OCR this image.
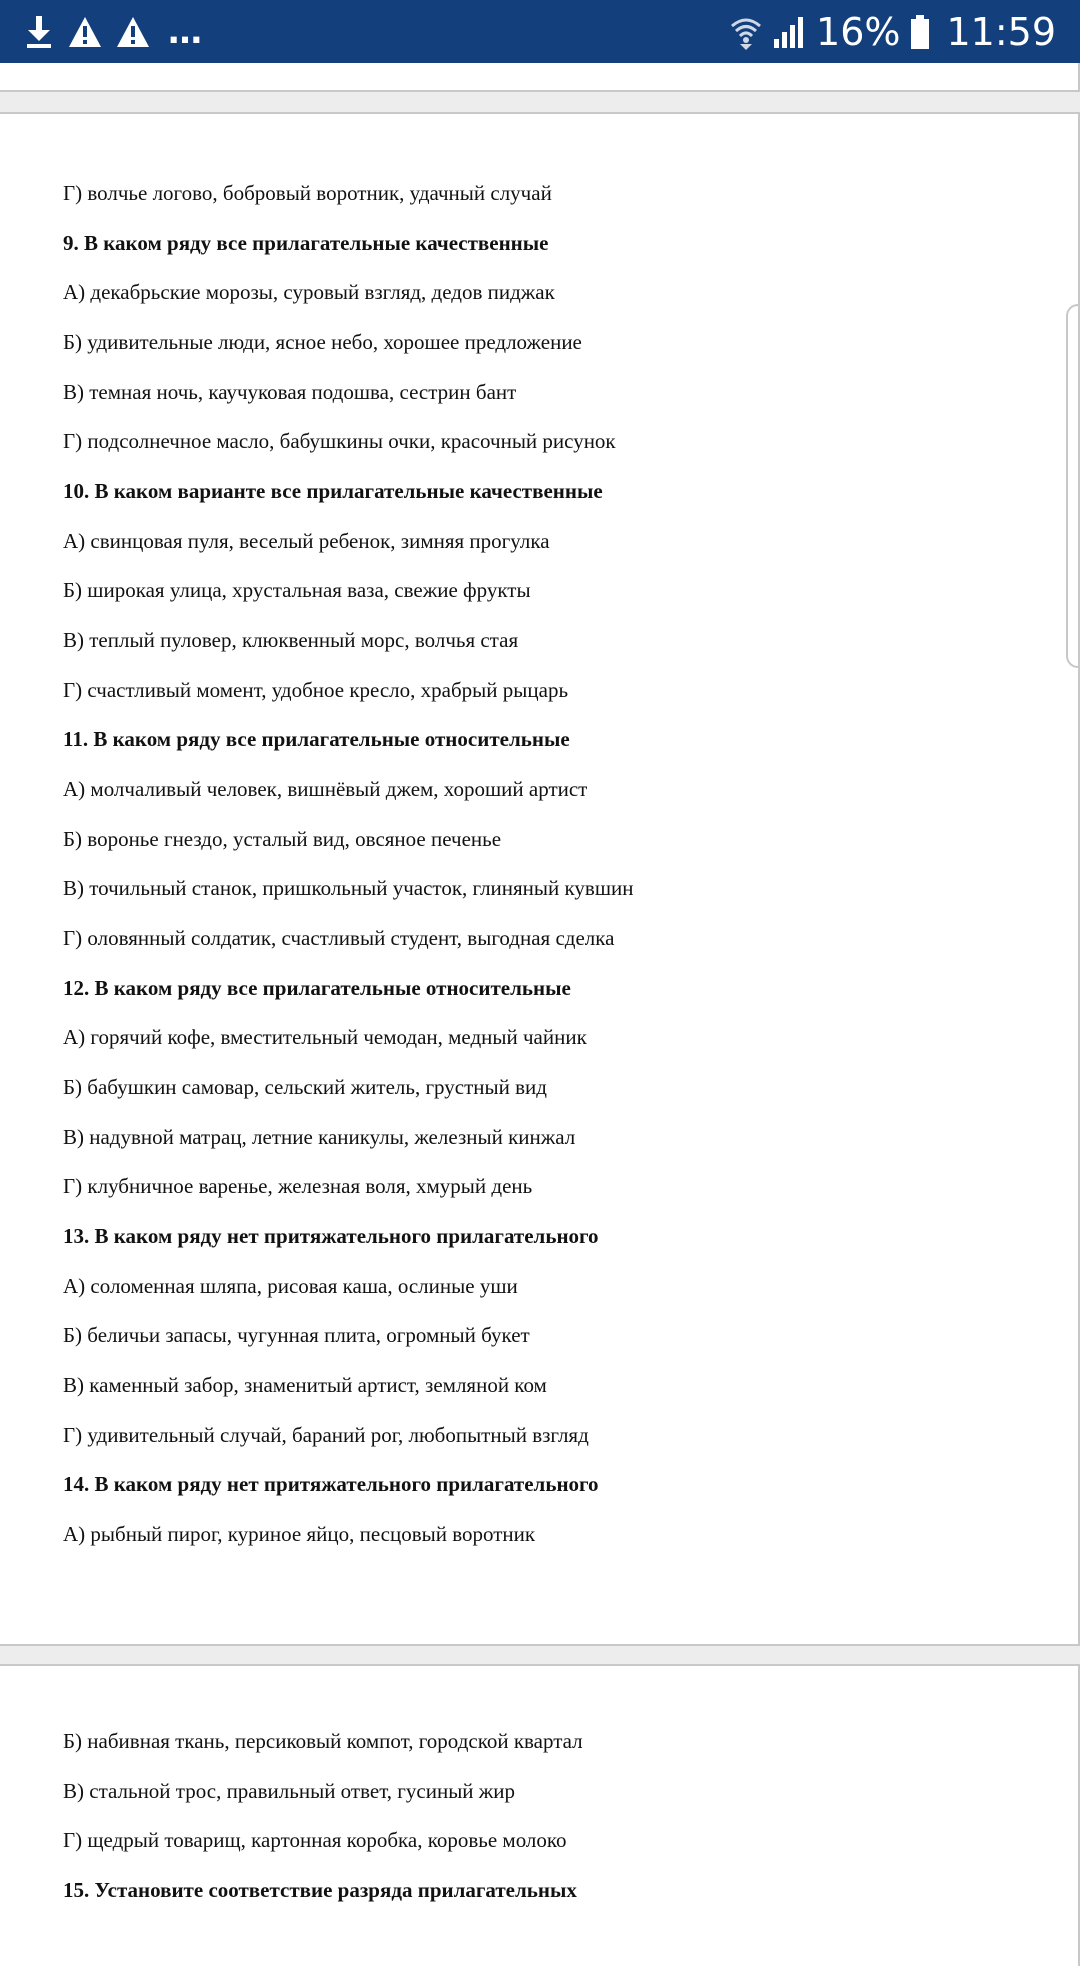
…	16% 11:59

Г) волчье логово, бобровый воротник, удачный случай

9. В каком ряду все прилагательные качественные

А) декабрьские морозы, суровый взгляд, дедов пиджак

Б) удивительные люди, ясное небо, хорошее предложение

В) темная ночь, каучуковая подошва, сестрин бант

Г) подсолнечное масло, бабушкины очки, красочный рисунок

10. В каком варианте все прилагательные качественные

А) свинцовая пуля, веселый ребенок, зимняя прогулка

Б) широкая улица, хрустальная ваза, свежие фрукты

В) теплый пуловер, клюквенный морс, волчья стая

Г) счастливый момент, удобное кресло, храбрый рыцарь

11. В каком ряду все прилагательные относительные

А) молчаливый человек, вишнёвый джем, хороший артист

Б) воронье гнездо, усталый вид, овсяное печенье

В) точильный станок, пришкольный участок, глиняный кувшин

Г) оловянный солдатик, счастливый студент, выгодная сделка

12. В каком ряду все прилагательные относительные

А) горячий кофе, вместительный чемодан, медный чайник

Б) бабушкин самовар, сельский житель, грустный вид

В) надувной матрац, летние каникулы, железный кинжал

Г) клубничное варенье, железная воля, хмурый день

13. В каком ряду нет притяжательного прилагательного

А) соломенная шляпа, рисовая каша, ослиные уши

Б) беличьи запасы, чугунная плита, огромный букет

В) каменный забор, знаменитый артист, земляной ком

Г) удивительный случай, бараний рог, любопытный взгляд

14. В каком ряду нет притяжательного прилагательного

А) рыбный пирог, куриное яйцо, песцовый воротник

Б) набивная ткань, персиковый компот, городской квартал

В) стальной трос, правильный ответ, гусиный жир

Г) щедрый товарищ, картонная коробка, коровье молоко

15. Установите соответствие разряда прилагательных
